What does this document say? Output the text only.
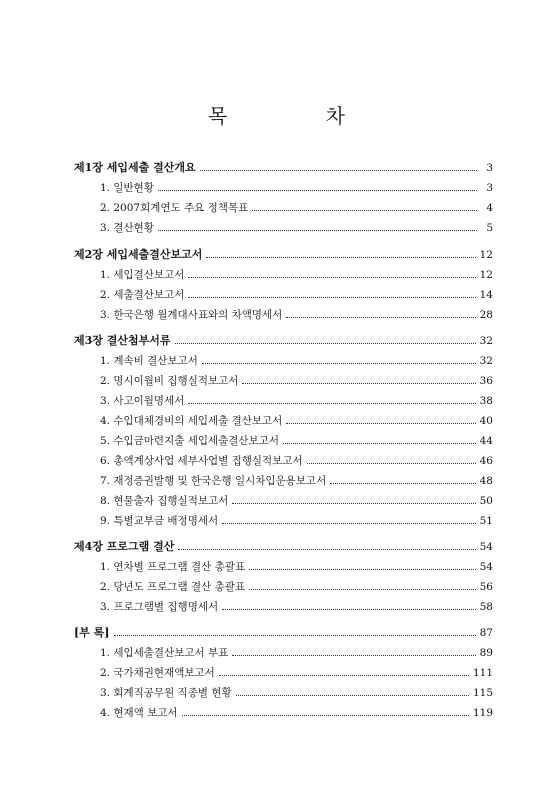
목 차
제1장 세입세출 결산개요	3
1. 일반현황	3
2. 2007회계연도 주요 정책목표	4
3. 결산현황	5
제2장 세입세출결산보고서	12
1. 세입결산보고서	12
2. 세출결산보고서	14
3. 한국은행 월계대사표와의 차액명세서	28
제3장 결산첨부서류	32
1. 계속비 결산보고서	32
2. 명시이월비 집행실적보고서	36
3. 사고이월명세서	38
4. 수입대체경비의 세입세출 결산보고서	40
5. 수입금마련지출 세입세출결산보고서	44
6. 총액계상사업 세부사업별 집행실적보고서	46
7. 재정증권발행 및 한국은행 일시차입운용보고서	48
8. 현물출자 집행실적보고서	50
9. 특별교부금 배정명세서	51
제4장 프로그램 결산	54
1. 연차별 프로그램 결산 총괄표	54
2. 당년도 프로그램 결산 총괄표	56
3. 프로그램별 집행명세서	58
[부 록]	87
1. 세입세출결산보고서 부표	89
2. 국가채권현재액보고서	111
3. 회계직공무원 직종별 현황	115
4. 현재액 보고서	119
